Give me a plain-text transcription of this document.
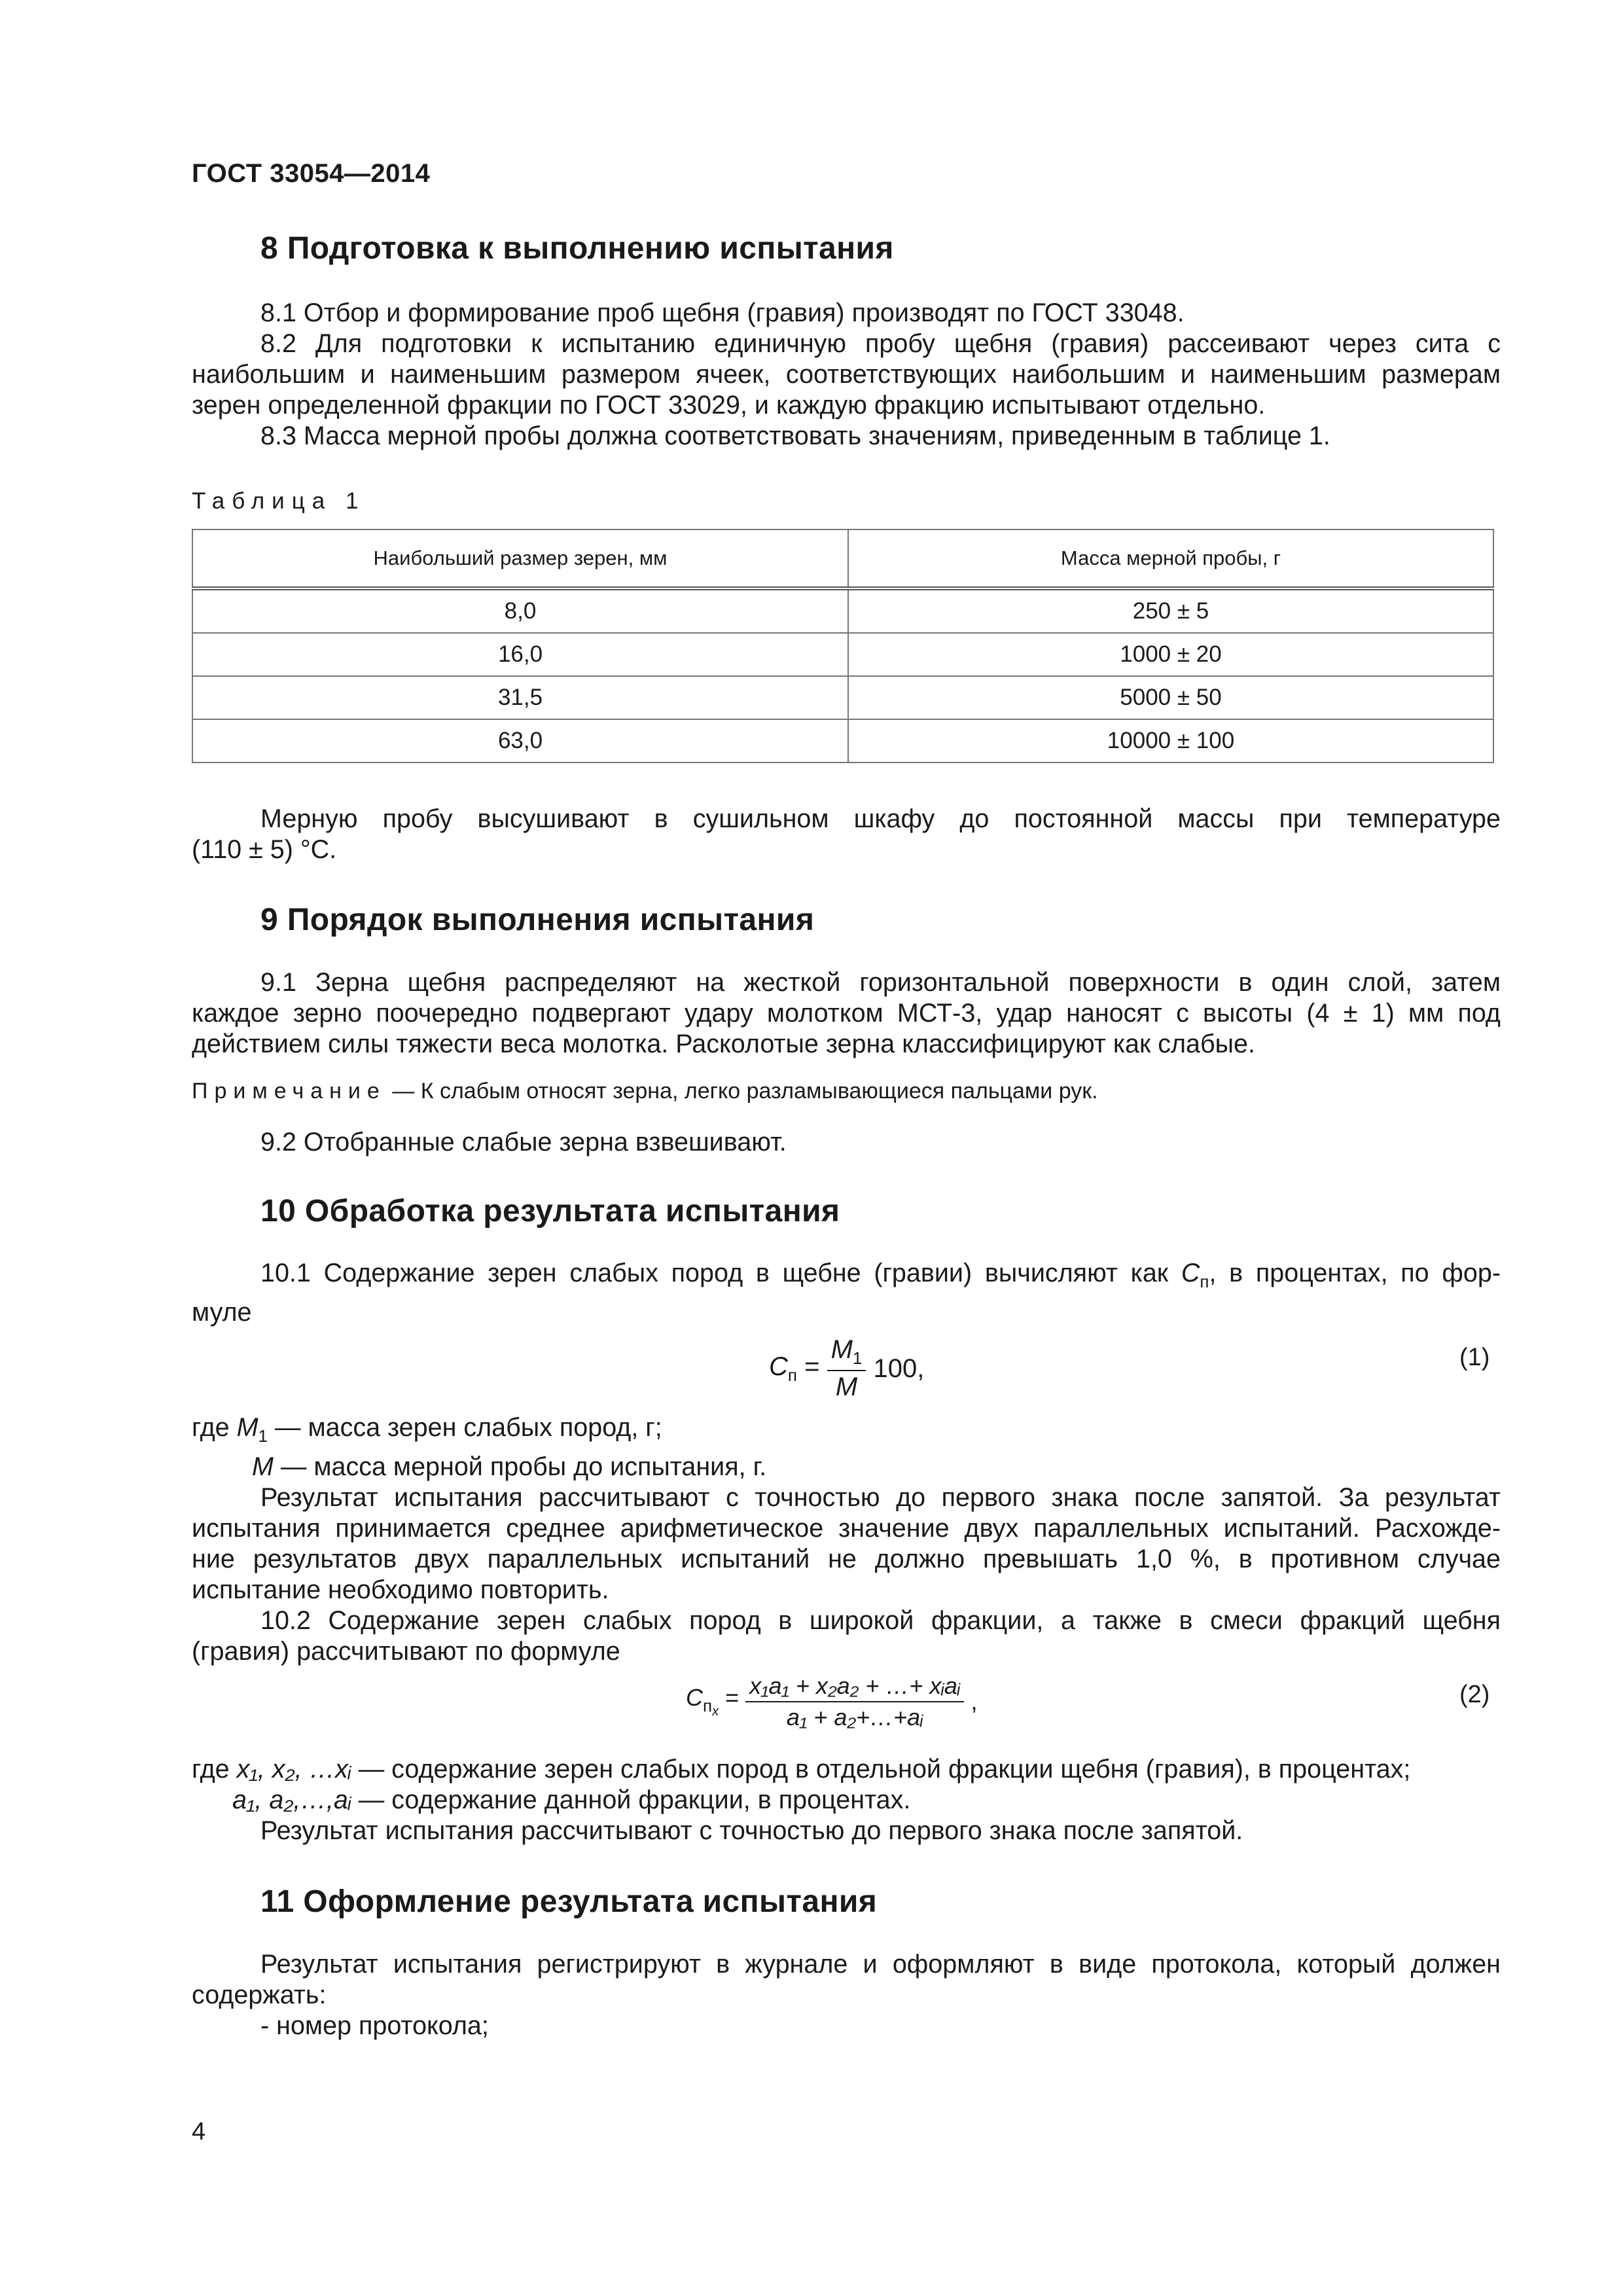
ГОСТ 33054—2014
8 Подготовка к выполнению испытания
8.1 Отбор и формирование проб щебня (гравия) производят по ГОСТ 33048.
8.2 Для подготовки к испытанию единичную пробу щебня (гравия) рассеивают через сита с
наибольшим и наименьшим размером ячеек, соответствующих наибольшим и наименьшим размерам
зерен определенной фракции по ГОСТ 33029, и каждую фракцию испытывают отдельно.
8.3 Масса мерной пробы должна соответствовать значениям, приведенным в таблице 1.
Таблица 1
Наибольший размер зерен, мм	Масса мерной пробы, г
8,0	250 ± 5
16,0	1000 ± 20
31,5	5000 ± 50
63,0	10000 ± 100
Мерную пробу высушивают в сушильном шкафу до постоянной массы при температуре
(110 ± 5) °C.
9 Порядок выполнения испытания
9.1 Зерна щебня распределяют на жесткой горизонтальной поверхности в один слой, затем
каждое зерно поочередно подвергают удару молотком МСТ-3, удар наносят с высоты (4 ± 1) мм под
действием силы тяжести веса молотка. Расколотые зерна классифицируют как слабые.
Примечание — К слабым относят зерна, легко разламывающиеся пальцами рук.
9.2 Отобранные слабые зерна взвешивают.
10 Обработка результата испытания
10.1 Содержание зерен слабых пород в щебне (гравии) вычисляют как $C_п$, в процентах, по фор-
муле
$C_п = \frac{M_1}{M} 100$,	(1)
где $M_1$ — масса зерен слабых пород, г;
M — масса мерной пробы до испытания, г.
Результат испытания рассчитывают с точностью до первого знака после запятой. За результат
испытания принимается среднее арифметическое значение двух параллельных испытаний. Расхожде-
ние результатов двух параллельных испытаний не должно превышать 1,0 %, в противном случае
испытание необходимо повторить.
10.2 Содержание зерен слабых пород в широкой фракции, а также в смеси фракций щебня
(гравия) рассчитывают по формуле
$C_{п_x} = \frac{\text{x₁a₁ + x₂a₂ + …+ xᵢaᵢ}}{\text{a₁ + a₂+…+aᵢ}}$ ,	(2)
где x₁, x₂, …xᵢ — содержание зерен слабых пород в отдельной фракции щебня (гравия), в процентах;
a₁, a₂,…,aᵢ — содержание данной фракции, в процентах.
Результат испытания рассчитывают с точностью до первого знака после запятой.
11 Оформление результата испытания
Результат испытания регистрируют в журнале и оформляют в виде протокола, который должен
содержать:
- номер протокола;
4
